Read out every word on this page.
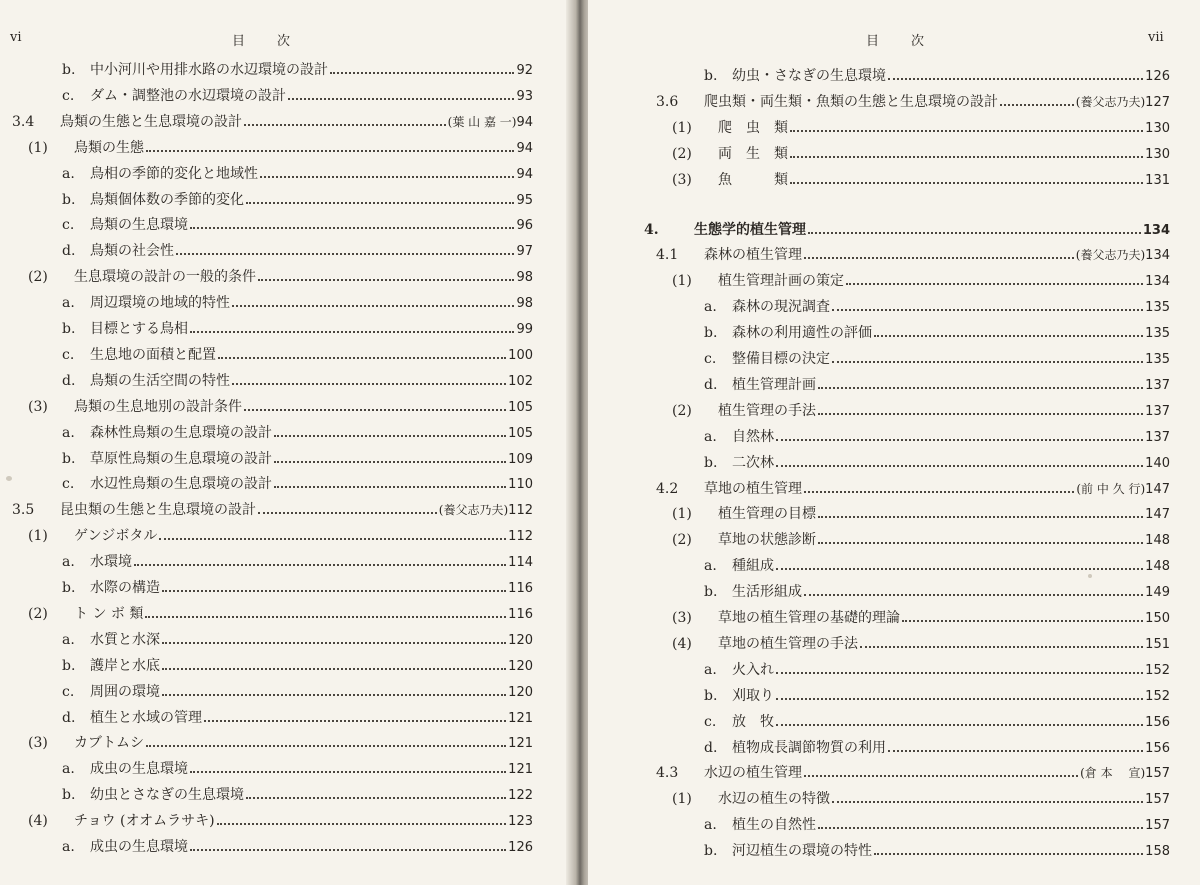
vi	目　　次
b.	中小河川や用排水路の水辺環境の設計	92
c.	ダム・調整池の水辺環境の設計	93
3.4	鳥類の生態と生息環境の設計	(葉 山 嘉 一) 94
(1)	鳥類の生態	94
a.	鳥相の季節的変化と地域性	94
b.	鳥類個体数の季節的変化	95
c.	鳥類の生息環境	96
d.	鳥類の社会性	97
(2)	生息環境の設計の一般的条件	98
a.	周辺環境の地域的特性	98
b.	目標とする鳥相	99
c.	生息地の面積と配置	100
d.	鳥類の生活空間の特性	102
(3)	鳥類の生息地別の設計条件	105
a.	森林性鳥類の生息環境の設計	105
b.	草原性鳥類の生息環境の設計	109
c.	水辺性鳥類の生息環境の設計	110
3.5	昆虫類の生態と生息環境の設計	(養父志乃夫) 112
(1)	ゲンジボタル	112
a.	水環境	114
b.	水際の構造	116
(2)	ト ン ボ 類	116
a.	水質と水深	120
b.	護岸と水底	120
c.	周囲の環境	120
d.	植生と水域の管理	121
(3)	カブトムシ	121
a.	成虫の生息環境	121
b.	幼虫とさなぎの生息環境	122
(4)	チョウ (オオムラサキ)	123
a.	成虫の生息環境	126
目　　次	vii
b.	幼虫・さなぎの生息環境	126
3.6	爬虫類・両生類・魚類の生態と生息環境の設計	(養父志乃夫) 127
(1)	爬　虫　類	130
(2)	両　生　類	130
(3)	魚　　　類	131
4.	生態学的植生管理	134
4.1	森林の植生管理	(養父志乃夫) 134
(1)	植生管理計画の策定	134
a.	森林の現況調査	135
b.	森林の利用適性の評価	135
c.	整備目標の決定	135
d.	植生管理計画	137
(2)	植生管理の手法	137
a.	自然林	137
b.	二次林	140
4.2	草地の植生管理	(前 中 久 行) 147
(1)	植生管理の目標	147
(2)	草地の状態診断	148
a.	種組成	148
b.	生活形組成	149
(3)	草地の植生管理の基礎的理論	150
(4)	草地の植生管理の手法	151
a.	火入れ	152
b.	刈取り	152
c.	放　牧	156
d.	植物成長調節物質の利用	156
4.3	水辺の植生管理	(倉 本 　宣) 157
(1)	水辺の植生の特徴	157
a.	植生の自然性	157
b.	河辺植生の環境の特性	158
